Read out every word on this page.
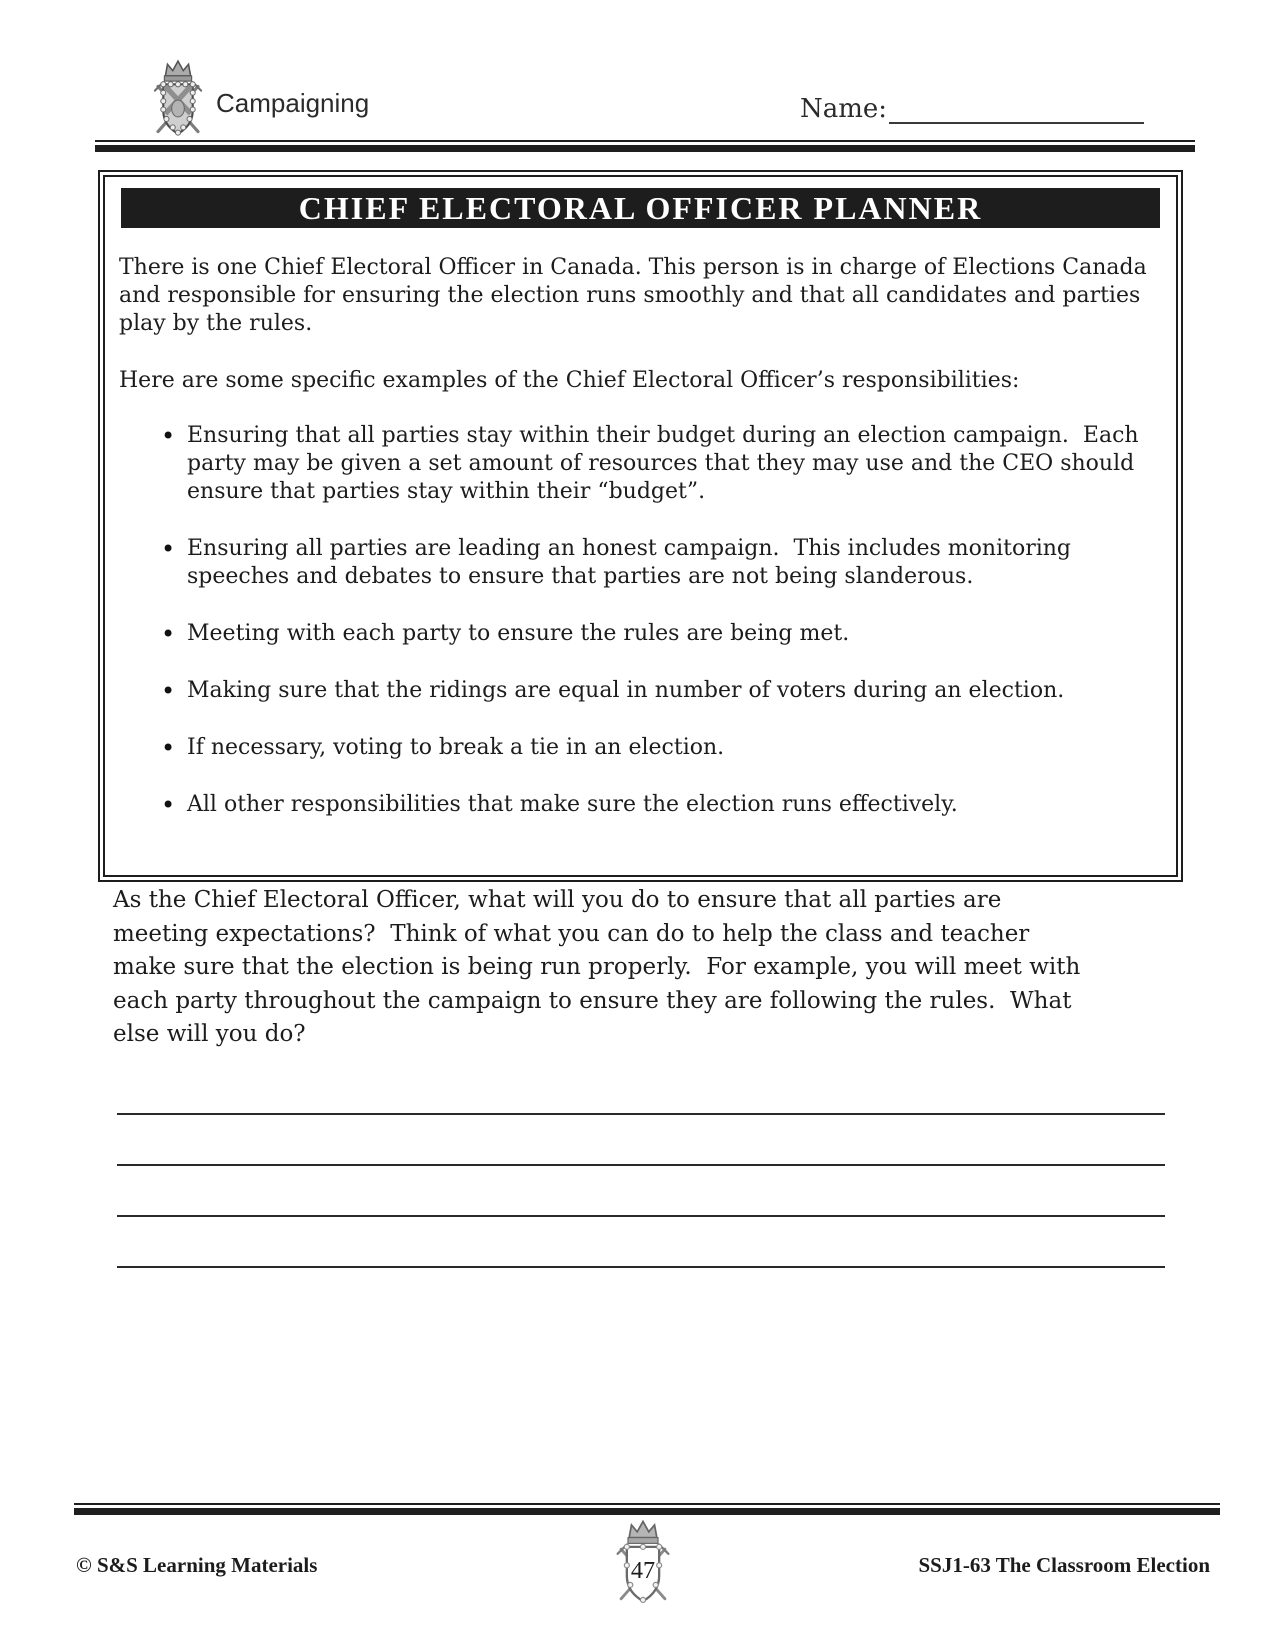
Campaigning	Name:
CHIEF ELECTORAL OFFICER PLANNER

There is one Chief Electoral Officer in Canada. This person is in charge of Elections Canada and responsible for ensuring the election runs smoothly and that all candidates and parties play by the rules.

Here are some specific examples of the Chief Electoral Officer’s responsibilities:

• Ensuring that all parties stay within their budget during an election campaign.  Each party may be given a set amount of resources that they may use and the CEO should ensure that parties stay within their “budget”.
• Ensuring all parties are leading an honest campaign.  This includes monitoring speeches and debates to ensure that parties are not being slanderous.
• Meeting with each party to ensure the rules are being met.
• Making sure that the ridings are equal in number of voters during an election.
• If necessary, voting to break a tie in an election.
• All other responsibilities that make sure the election runs effectively.

As the Chief Electoral Officer, what will you do to ensure that all parties are meeting expectations?  Think of what you can do to help the class and teacher make sure that the election is being run properly.  For example, you will meet with each party throughout the campaign to ensure they are following the rules.  What else will you do?

© S&S Learning Materials	47	SSJ1-63 The Classroom Election
